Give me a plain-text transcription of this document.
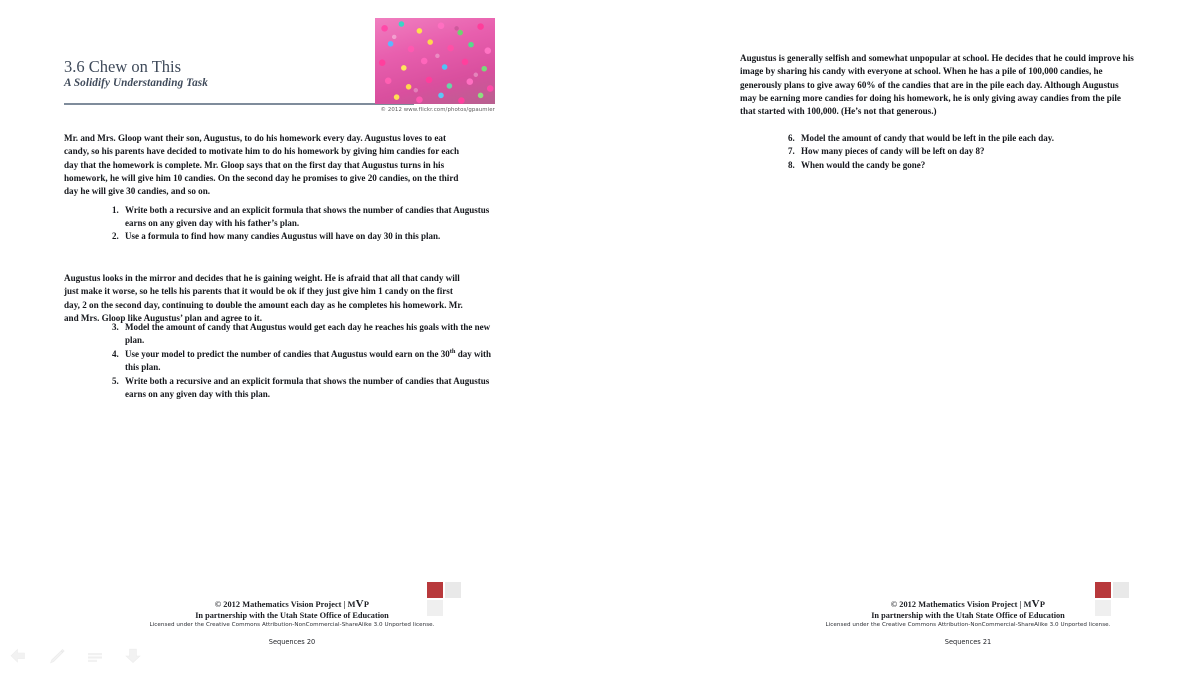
3.6 Chew on This
A Solidify Understanding Task
© 2012 www.flickr.com/photos/gpaumier

Mr. and Mrs. Gloop want their son, Augustus, to do his homework every day. Augustus loves to eat candy, so his parents have decided to motivate him to do his homework by giving him candies for each day that the homework is complete. Mr. Gloop says that on the first day that Augustus turns in his homework, he will give him 10 candies. On the second day he promises to give 20 candies, on the third day he will give 30 candies, and so on.

1. Write both a recursive and an explicit formula that shows the number of candies that Augustus earns on any given day with his father’s plan.
2. Use a formula to find how many candies Augustus will have on day 30 in this plan.

Augustus looks in the mirror and decides that he is gaining weight. He is afraid that all that candy will just make it worse, so he tells his parents that it would be ok if they just give him 1 candy on the first day, 2 on the second day, continuing to double the amount each day as he completes his homework. Mr. and Mrs. Gloop like Augustus’ plan and agree to it.

3. Model the amount of candy that Augustus would get each day he reaches his goals with the new plan.
4. Use your model to predict the number of candies that Augustus would earn on the 30th day with this plan.
5. Write both a recursive and an explicit formula that shows the number of candies that Augustus earns on any given day with this plan.
© 2012 Mathematics Vision Project | MVP
In partnership with the Utah State Office of Education
Licensed under the Creative Commons Attribution-NonCommercial-ShareAlike 3.0 Unported license.
Sequences 20

Augustus is generally selfish and somewhat unpopular at school. He decides that he could improve his image by sharing his candy with everyone at school. When he has a pile of 100,000 candies, he generously plans to give away 60% of the candies that are in the pile each day. Although Augustus may be earning more candies for doing his homework, he is only giving away candies from the pile that started with 100,000. (He’s not that generous.)

6. Model the amount of candy that would be left in the pile each day.
7. How many pieces of candy will be left on day 8?
8. When would the candy be gone?
© 2012 Mathematics Vision Project | MVP
In partnership with the Utah State Office of Education
Licensed under the Creative Commons Attribution-NonCommercial-ShareAlike 3.0 Unported license.
Sequences 21
